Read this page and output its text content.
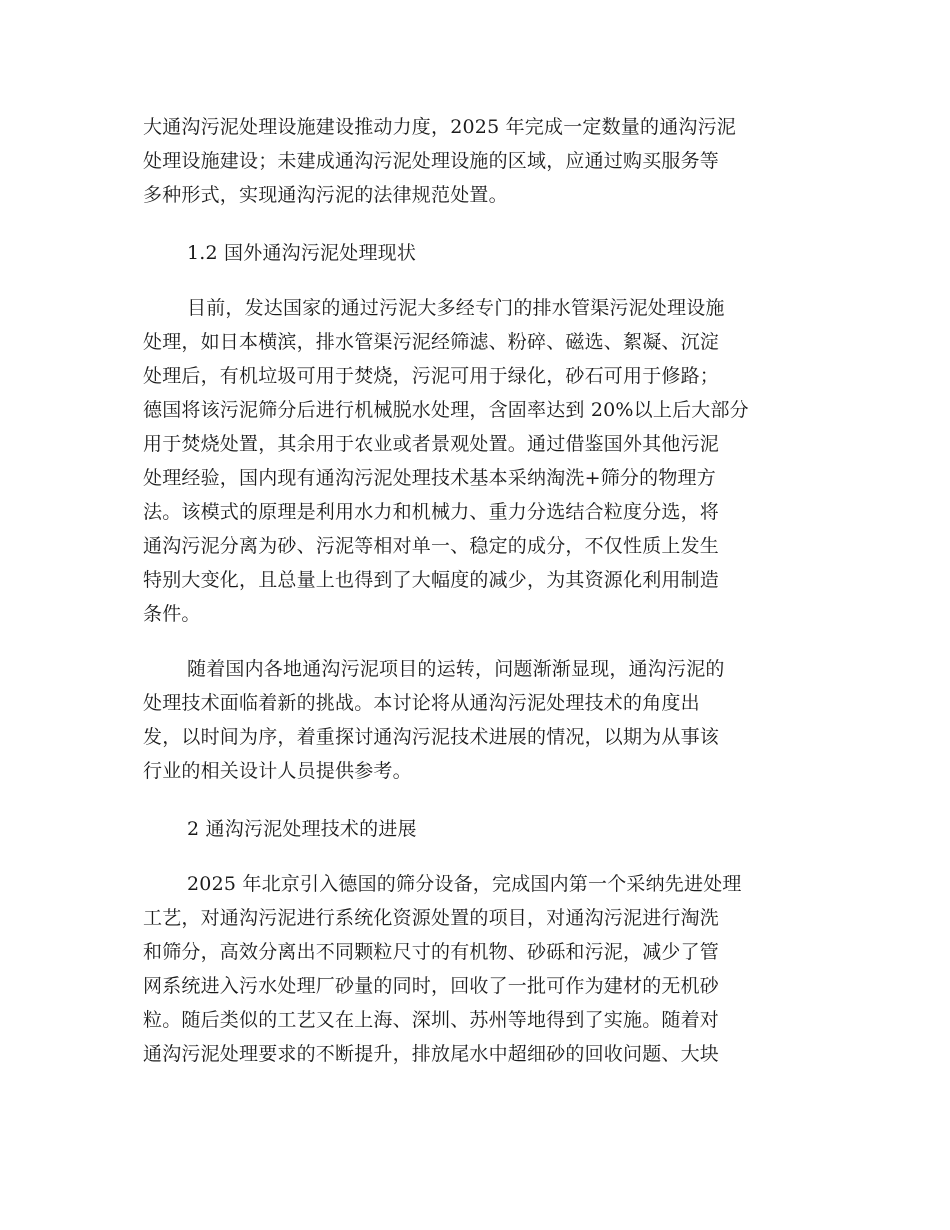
大通沟污泥处理设施建设推动力度，2025 年完成一定数量的通沟污泥
处理设施建设；未建成通沟污泥处理设施的区域，应通过购买服务等
多种形式，实现通沟污泥的法律规范处置。
1.2 国外通沟污泥处理现状
目前，发达国家的通过污泥大多经专门的排水管渠污泥处理设施
处理，如日本横滨，排水管渠污泥经筛滤、粉碎、磁选、絮凝、沉淀
处理后，有机垃圾可用于焚烧，污泥可用于绿化，砂石可用于修路；
德国将该污泥筛分后进行机械脱水处理，含固率达到 20%以上后大部分
用于焚烧处置，其余用于农业或者景观处置。通过借鉴国外其他污泥
处理经验，国内现有通沟污泥处理技术基本采纳淘洗+筛分的物理方
法。该模式的原理是利用水力和机械力、重力分选结合粒度分选，将
通沟污泥分离为砂、污泥等相对单一、稳定的成分，不仅性质上发生
特别大变化，且总量上也得到了大幅度的减少，为其资源化利用制造
条件。
随着国内各地通沟污泥项目的运转，问题渐渐显现，通沟污泥的
处理技术面临着新的挑战。本讨论将从通沟污泥处理技术的角度出
发，以时间为序，着重探讨通沟污泥技术进展的情况，以期为从事该
行业的相关设计人员提供参考。
2 通沟污泥处理技术的进展
2025 年北京引入德国的筛分设备，完成国内第一个采纳先进处理
工艺，对通沟污泥进行系统化资源处置的项目，对通沟污泥进行淘洗
和筛分，高效分离出不同颗粒尺寸的有机物、砂砾和污泥，减少了管
网系统进入污水处理厂砂量的同时，回收了一批可作为建材的无机砂
粒。随后类似的工艺又在上海、深圳、苏州等地得到了实施。随着对
通沟污泥处理要求的不断提升，排放尾水中超细砂的回收问题、大块
